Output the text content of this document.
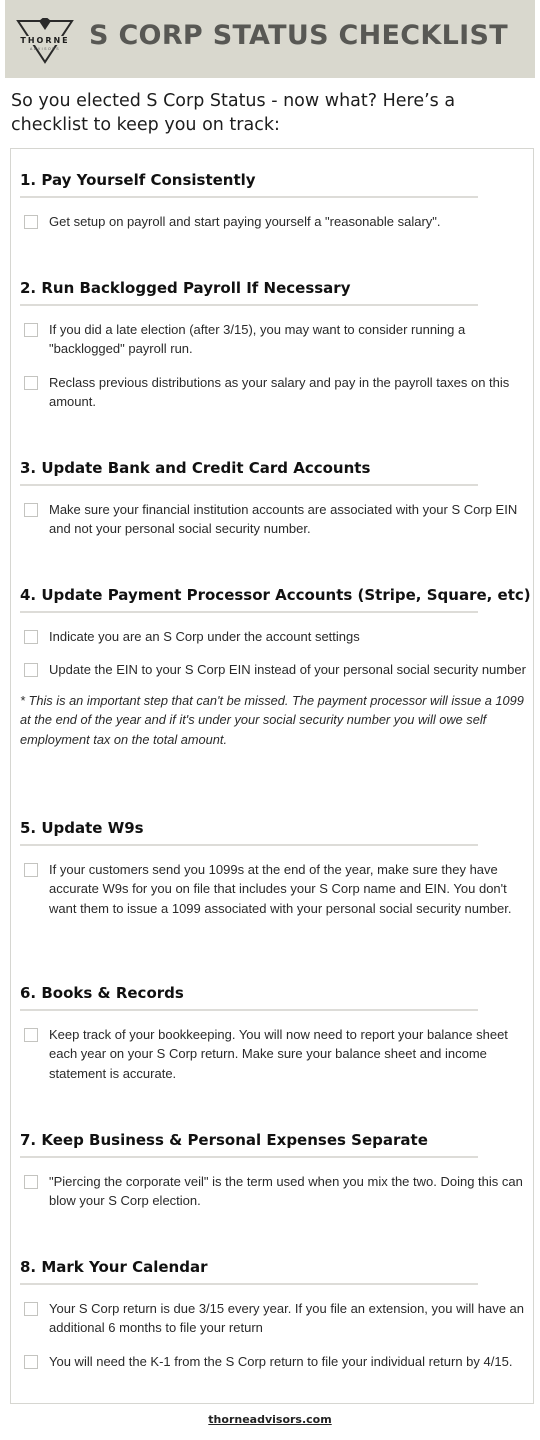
THORNE
ADVISORS	S CORP STATUS CHECKLIST
So you elected S Corp Status - now what? Here’s a checklist to keep you on track:
1. Pay Yourself Consistently
Get setup on payroll and start paying yourself a "reasonable salary".
2. Run Backlogged Payroll If Necessary
If you did a late election (after 3/15), you may want to consider running a "backlogged" payroll run.
Reclass previous distributions as your salary and pay in the payroll taxes on this amount.
3. Update Bank and Credit Card Accounts
Make sure your financial institution accounts are associated with your S Corp EIN and not your personal social security number.
4. Update Payment Processor Accounts (Stripe, Square, etc)
Indicate you are an S Corp under the account settings
Update the EIN to your S Corp EIN instead of your personal social security number
* This is an important step that can't be missed. The payment processor will issue a 1099 at the end of the year and if it's under your social security number you will owe self employment tax on the total amount.
5. Update W9s
If your customers send you 1099s at the end of the year, make sure they have accurate W9s for you on file that includes your S Corp name and EIN. You don't want them to issue a 1099 associated with your personal social security number.
6. Books & Records
Keep track of your bookkeeping. You will now need to report your balance sheet each year on your S Corp return. Make sure your balance sheet and income statement is accurate.
7. Keep Business & Personal Expenses Separate
"Piercing the corporate veil" is the term used when you mix the two. Doing this can blow your S Corp election.
8. Mark Your Calendar
Your S Corp return is due 3/15 every year. If you file an extension, you will have an additional 6 months to file your return
You will need the K-1 from the S Corp return to file your individual return by 4/15.
thorneadvisors.com
